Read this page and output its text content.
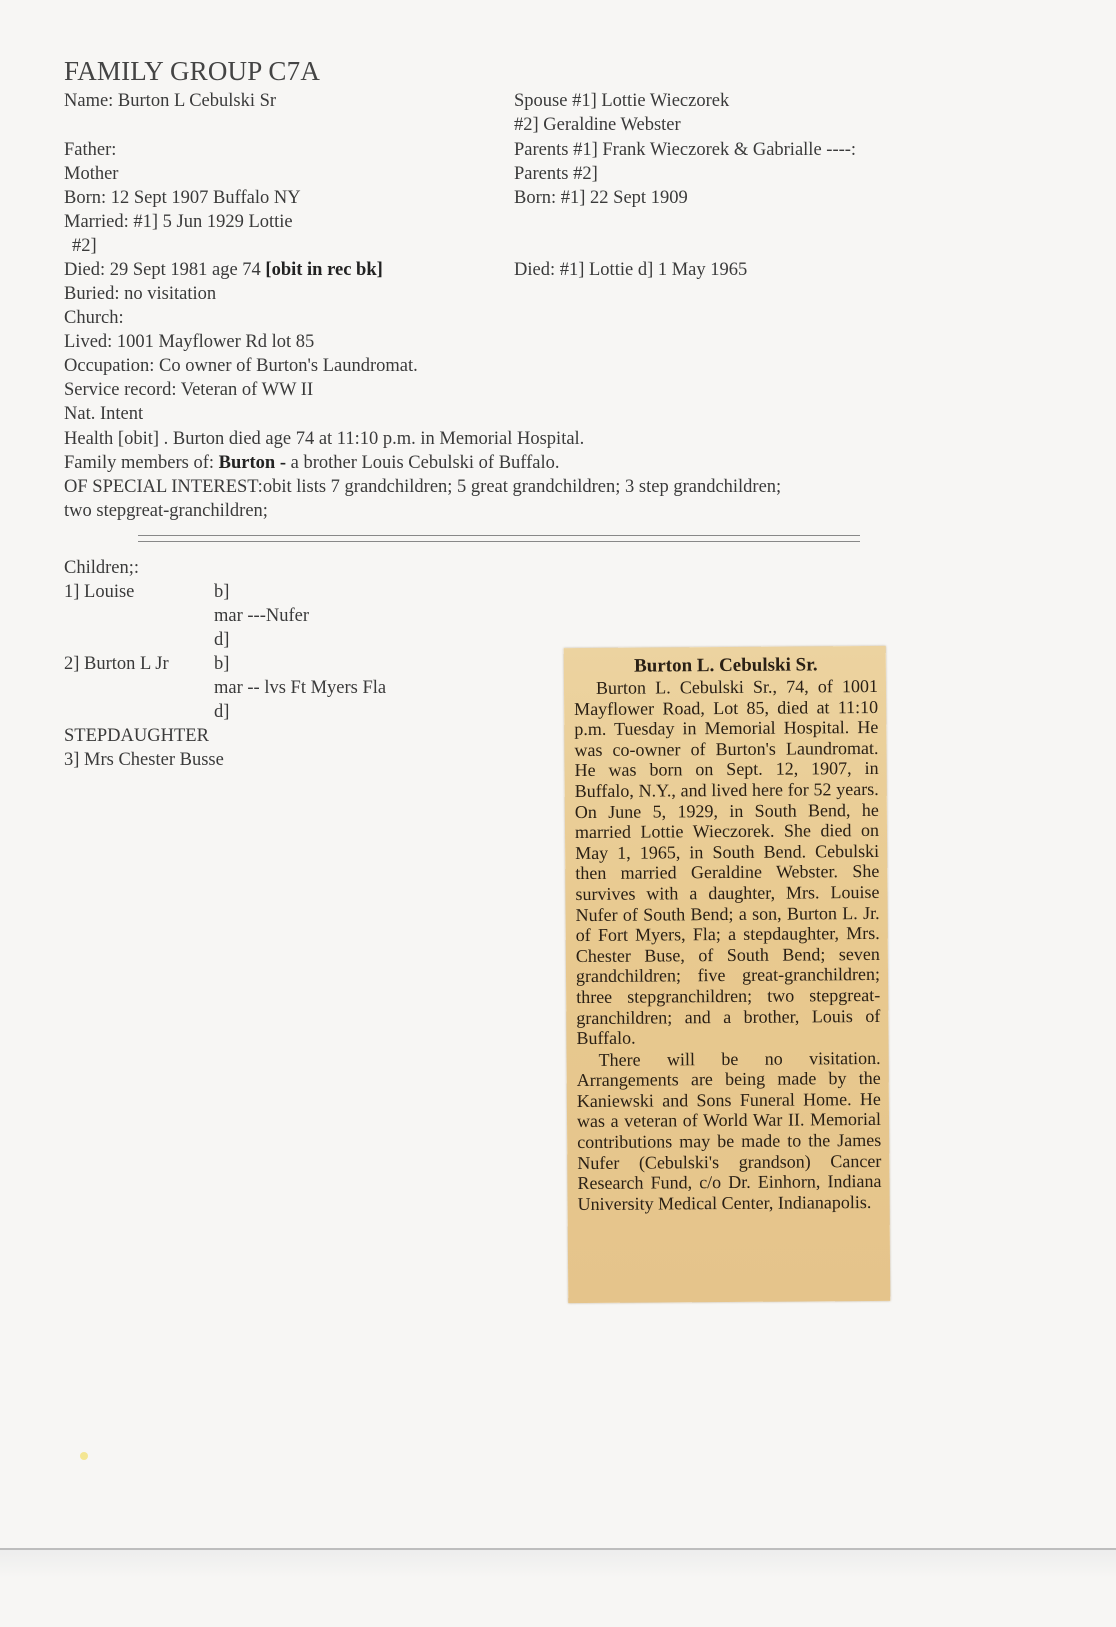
FAMILY GROUP C7A
Name: Burton L Cebulski Sr
Father:
Mother
Born: 12 Sept 1907 Buffalo NY
Married: #1] 5 Jun 1929 Lottie
#2]
Died: 29 Sept 1981 age 74 [obit in rec bk]
Buried: no visitation
Church:
Lived: 1001 Mayflower Rd lot 85
Occupation: Co owner of Burton's Laundromat.
Service record: Veteran of WW II
Nat. Intent
Health [obit] . Burton died age 74 at 11:10 p.m. in Memorial Hospital.
Family members of: Burton - a brother Louis Cebulski of Buffalo.
OF SPECIAL INTEREST:obit lists 7 grandchildren; 5 great grandchildren; 3 step grandchildren;
two stepgreat-granchildren;
Spouse #1] Lottie Wieczorek
#2] Geraldine Webster
Parents #1] Frank Wieczorek & Gabrialle ----:
Parents #2]
Born: #1] 22 Sept 1909
Died: #1] Lottie d] 1 May 1965
Children;:
1] Louise	b]
mar ---Nufer
d]
2] Burton L Jr b]
mar -- lvs Ft Myers Fla
d]
STEPDAUGHTER
3] Mrs Chester Busse
Burton L. Cebulski Sr.
Burton L. Cebulski Sr., 74, of 1001 Mayflower Road, Lot 85, died at 11:10 p.m. Tuesday in Memorial Hospital. He was co-owner of Burton's Laundromat. He was born on Sept. 12, 1907, in Buffalo, N.Y., and lived here for 52 years. On June 5, 1929, in South Bend, he married Lottie Wieczorek. She died on May 1, 1965, in South Bend. Cebulski then married Geraldine Webster. She survives with a daughter, Mrs. Louise Nufer of South Bend; a son, Burton L. Jr. of Fort Myers, Fla; a stepdaughter, Mrs. Chester Buse, of South Bend; seven grandchildren; five great-granchildren; three stepgranchildren; two stepgreat-granchildren; and a brother, Louis of Buffalo.
There will be no visitation. Arrangements are being made by the Kaniewski and Sons Funeral Home. He was a veteran of World War II. Memorial contributions may be made to the James Nufer (Cebulski's grandson) Cancer Research Fund, c/o Dr. Einhorn, Indiana University Medical Center, Indianapolis.
